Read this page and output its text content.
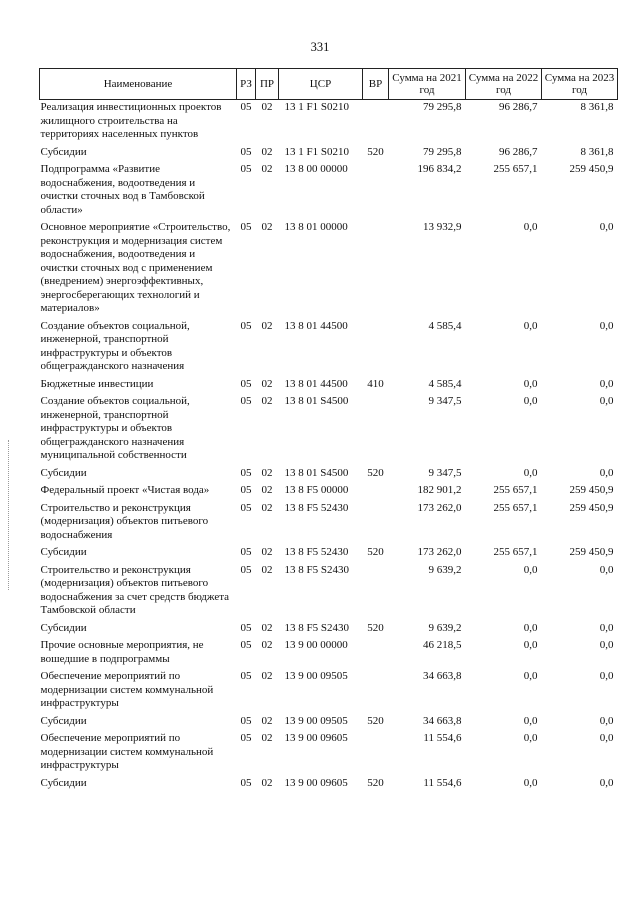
331
Наименование	РЗ	ПР	ЦСР	ВР	Сумма на 2021 год	Сумма на 2022 год	Сумма на 2023 год
Реализация инвестиционных проектов жилищного строительства на территориях населенных пунктов	05	02	13 1 F1 S0210		79 295,8	96 286,7	8 361,8
Субсидии	05	02	13 1 F1 S0210	520	79 295,8	96 286,7	8 361,8
Подпрограмма «Развитие водоснабжения, водоотведения и очистки сточных вод в Тамбовской области»	05	02	13 8 00 00000		196 834,2	255 657,1	259 450,9
Основное мероприятие «Строительство, реконструкция и модернизация систем водоснабжения, водоотведения и очистки сточных вод с применением (внедрением) энергоэффективных, энергосберегающих технологий и материалов»	05	02	13 8 01 00000		13 932,9	0,0	0,0
Создание объектов социальной, инженерной, транспортной инфраструктуры и объектов общегражданского назначения	05	02	13 8 01 44500		4 585,4	0,0	0,0
Бюджетные инвестиции	05	02	13 8 01 44500	410	4 585,4	0,0	0,0
Создание объектов социальной, инженерной, транспортной инфраструктуры и объектов общегражданского назначения муниципальной собственности	05	02	13 8 01 S4500		9 347,5	0,0	0,0
Субсидии	05	02	13 8 01 S4500	520	9 347,5	0,0	0,0
Федеральный проект «Чистая вода»	05	02	13 8 F5 00000		182 901,2	255 657,1	259 450,9
Строительство и реконструкция (модернизация) объектов питьевого водоснабжения	05	02	13 8 F5 52430		173 262,0	255 657,1	259 450,9
Субсидии	05	02	13 8 F5 52430	520	173 262,0	255 657,1	259 450,9
Строительство и реконструкция (модернизация) объектов питьевого водоснабжения за счет средств бюджета Тамбовской области	05	02	13 8 F5 S2430		9 639,2	0,0	0,0
Субсидии	05	02	13 8 F5 S2430	520	9 639,2	0,0	0,0
Прочие основные мероприятия, не вошедшие в подпрограммы	05	02	13 9 00 00000		46 218,5	0,0	0,0
Обеспечение мероприятий по модернизации систем коммунальной инфраструктуры	05	02	13 9 00 09505		34 663,8	0,0	0,0
Субсидии	05	02	13 9 00 09505	520	34 663,8	0,0	0,0
Обеспечение мероприятий по модернизации систем коммунальной инфраструктуры	05	02	13 9 00 09605		11 554,6	0,0	0,0
Субсидии	05	02	13 9 00 09605	520	11 554,6	0,0	0,0
